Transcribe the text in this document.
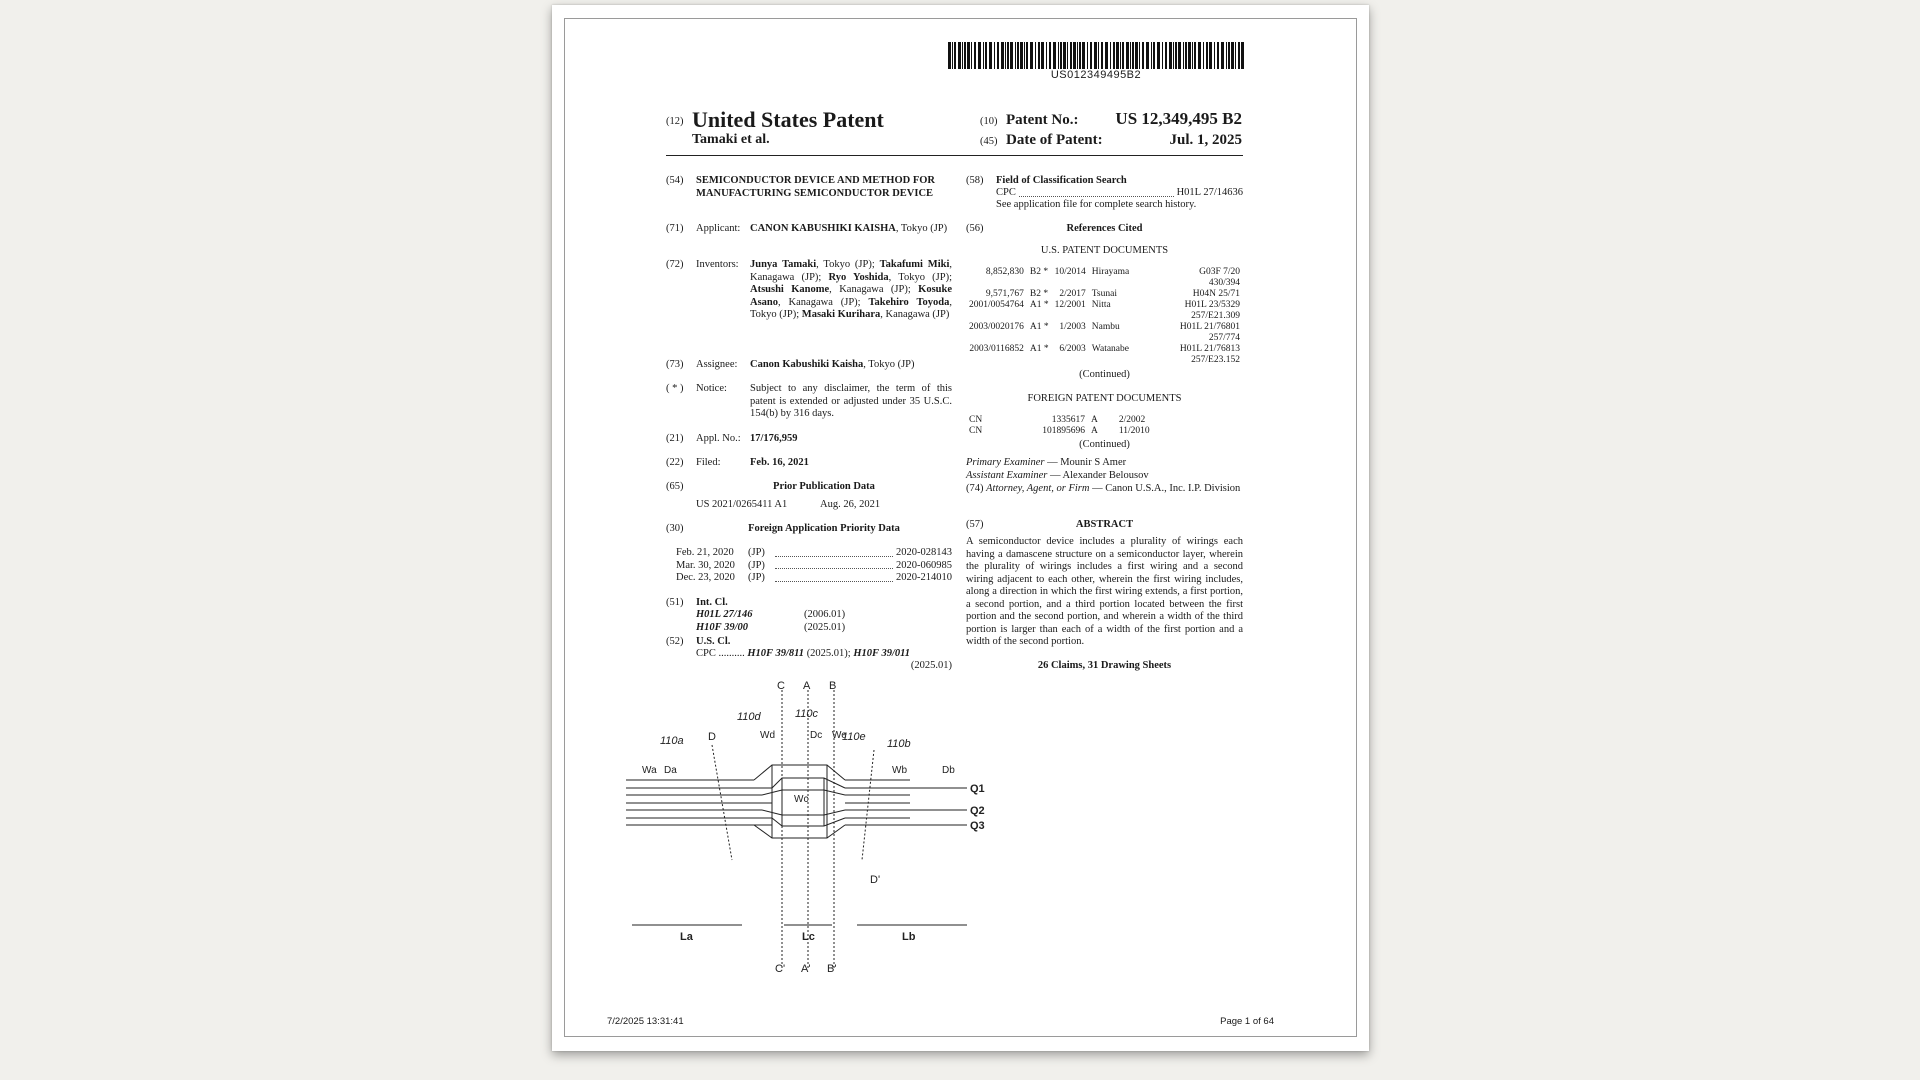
US012349495B2
(12) United States Patent
Tamaki et al.
(10) Patent No.:	US 12,349,495 B2
(45) Date of Patent:	Jul. 1, 2025
(54) SEMICONDUCTOR DEVICE AND METHOD FOR MANUFACTURING SEMICONDUCTOR DEVICE
(71) Applicant: CANON KABUSHIKI KAISHA, Tokyo (JP)
(72) Inventors: Junya Tamaki, Tokyo (JP); Takafumi Miki, Kanagawa (JP); Ryo Yoshida, Tokyo (JP); Atsushi Kanome, Kanagawa (JP); Kosuke Asano, Kanagawa (JP); Takehiro Toyoda, Tokyo (JP); Masaki Kurihara, Kanagawa (JP)
(73) Assignee: Canon Kabushiki Kaisha, Tokyo (JP)
( * ) Notice: Subject to any disclaimer, the term of this patent is extended or adjusted under 35 U.S.C. 154(b) by 316 days.
(21) Appl. No.: 17/176,959
(22) Filed:	Feb. 16, 2021
(65)	Prior Publication Data
US 2021/0265411 A1	Aug. 26, 2021
(30)	Foreign Application Priority Data
Feb. 21, 2020	(JP)	2020-028143
Mar. 30, 2020	(JP)	2020-060985
Dec. 23, 2020	(JP)	2020-214010
(51) Int. Cl.
H01L 27/146	(2006.01)
H10F 39/00	(2025.01)
(52) U.S. Cl.
CPC .......... H10F 39/811 (2025.01); H10F 39/011
(2025.01)
(58) Field of Classification Search
CPC	H01L 27/14636
See application file for complete search history.
(56)	References Cited
U.S. PATENT DOCUMENTS
8,852,830	B2 *	10/2014	Hirayama	G03F 7/20
430/394
9,571,767	B2 *	2/2017	Tsunai	H04N 25/71

2001/0054764	A1 *	12/2001	Nitta	H01L 23/5329
257/E21.309
2003/0020176	A1 *	1/2003	Nambu	H01L 21/76801
257/774
2003/0116852	A1 *	6/2003	Watanabe	H01L 21/76813
257/E23.152
(Continued)
FOREIGN PATENT DOCUMENTS
CN	1335617	A	2/2002
CN	101895696	A	11/2010
(Continued)
Primary Examiner — Mounir S Amer
Assistant Examiner — Alexander Belousov
(74) Attorney, Agent, or Firm — Canon U.S.A., Inc. I.P. Division
(57)	ABSTRACT
A semiconductor device includes a plurality of wirings each having a damascene structure on a semiconductor layer, wherein the plurality of wirings includes a first wiring and a second wiring adjacent to each other, wherein the first wiring includes, along a direction in which the first wiring extends, a first portion, a second portion, and a third portion located between the first portion and the second portion, and wherein a width of the third portion is larger than each of a width of the first portion and a width of the second portion.
26 Claims, 31 Drawing Sheets
C A B
C' A' B'
D
D'
Q1
Q2
Q3
La	Lc	Lb
Wa Da	Wb	Db
Wc
Dc
Wd	We
110a	110b
110c
110d
110e
7/2/2025 13:31:41	Page 1 of 64
